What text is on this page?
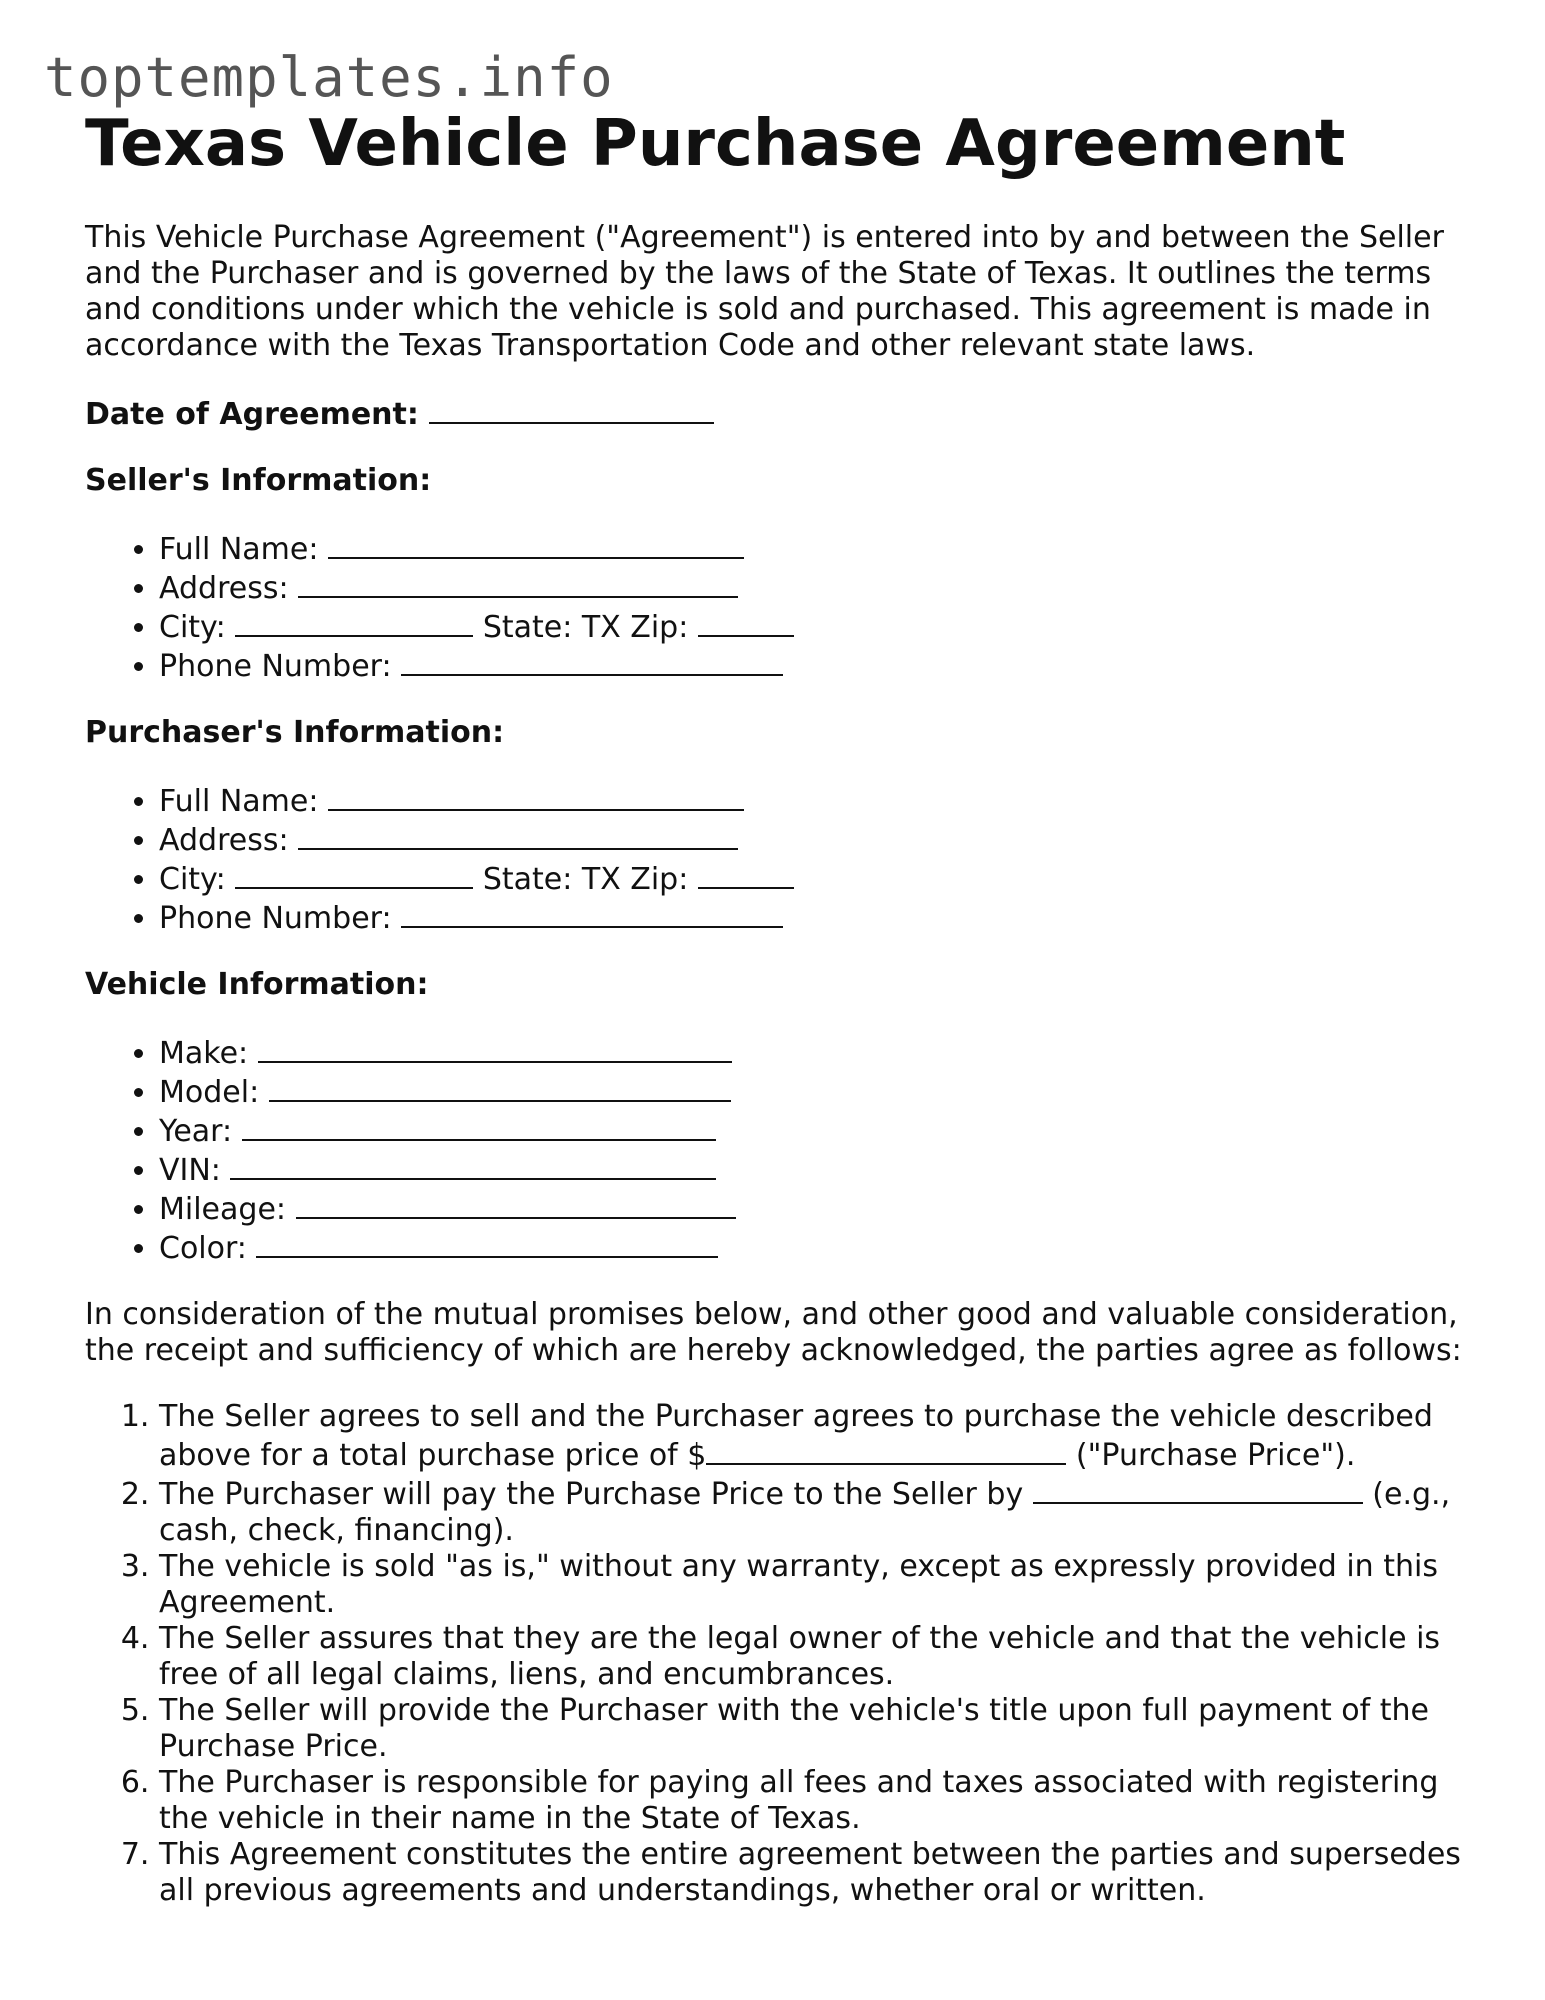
toptemplates.info
Texas Vehicle Purchase Agreement

This Vehicle Purchase Agreement ("Agreement") is entered into by and between the Seller and the Purchaser and is governed by the laws of the State of Texas. It outlines the terms and conditions under which the vehicle is sold and purchased. This agreement is made in accordance with the Texas Transportation Code and other relevant state laws.

Date of Agreement:

Seller's Information:

• Full Name:
• Address:
• City:	State: TX Zip:
• Phone Number:

Purchaser's Information:

• Full Name:
• Address:
• City:	State: TX Zip:
• Phone Number:

Vehicle Information:

• Make:
• Model:
• Year:
• VIN:
• Mileage:
• Color:

In consideration of the mutual promises below, and other good and valuable consideration, the receipt and sufficiency of which are hereby acknowledged, the parties agree as follows:

1. The Seller agrees to sell and the Purchaser agrees to purchase the vehicle described above for a total purchase price of $	("Purchase Price").
2. The Purchaser will pay the Purchase Price to the Seller by	(e.g., cash, check, financing).
3. The vehicle is sold "as is," without any warranty, except as expressly provided in this Agreement.
4. The Seller assures that they are the legal owner of the vehicle and that the vehicle is free of all legal claims, liens, and encumbrances.
5. The Seller will provide the Purchaser with the vehicle's title upon full payment of the Purchase Price.
6. The Purchaser is responsible for paying all fees and taxes associated with registering the vehicle in their name in the State of Texas.
7. This Agreement constitutes the entire agreement between the parties and supersedes all previous agreements and understandings, whether oral or written.
